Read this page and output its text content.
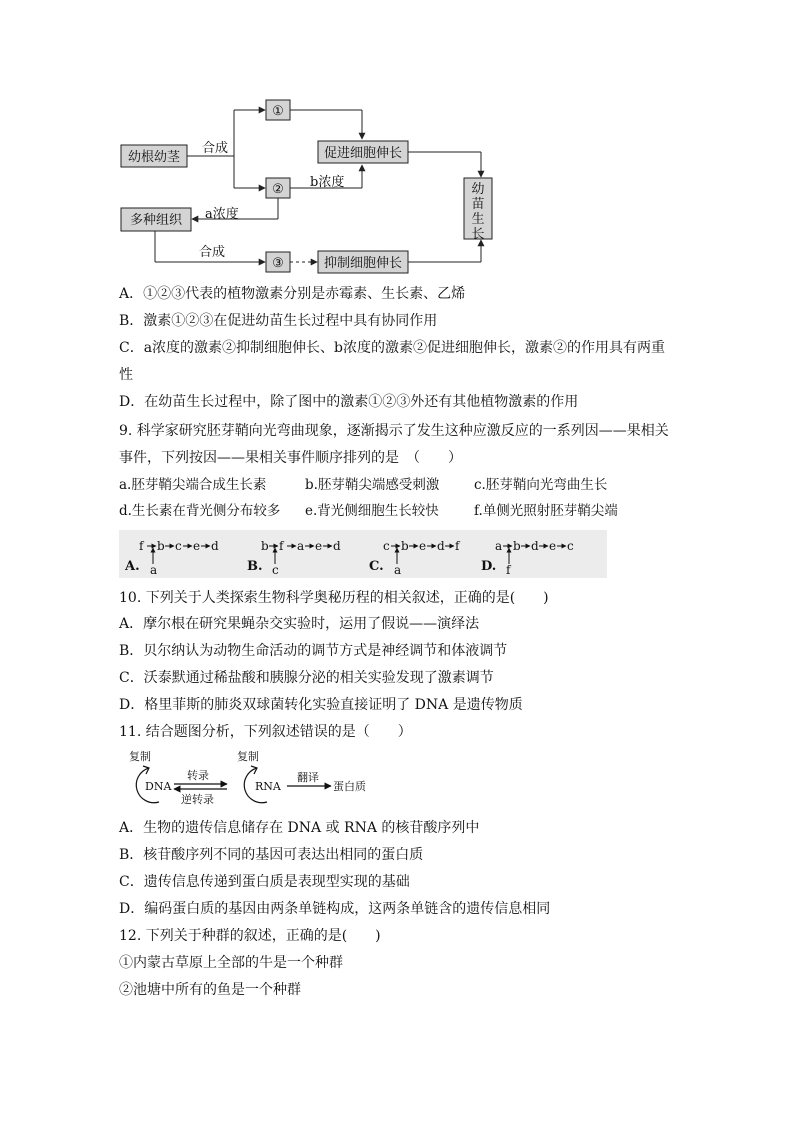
①
②
③
幼根幼茎
多种组织
促进细胞伸长
抑制细胞伸长
合成
合成
b浓度
a浓度
幼
苗
生
长
A．①②③代表的植物激素分别是赤霉素、生长素、乙烯
B．激素①②③在促进幼苗生长过程中具有协同作用
C．a浓度的激素②抑制细胞伸长、b浓度的激素②促进细胞伸长，激素②的作用具有两重
性
D．在幼苗生长过程中，除了图中的激素①②③外还有其他植物激素的作用
9. 科学家研究胚芽鞘向光弯曲现象，逐渐揭示了发生这种应激反应的一系列因——果相关
事件，下列按因——果相关事件顺序排列的是　（　　）
a.胚芽鞘尖端合成生长素	b.胚芽鞘尖端感受刺激	c.胚芽鞘向光弯曲生长
d.生长素在背光侧分布较多 e.背光侧细胞生长较快	f.单侧光照射胚芽鞘尖端
A.
f b c e d
a	B.
b f a e d
c	C.
c b e d f
a	D.
a b d e c
f
10. 下列关于人类探索生物科学奥秘历程的相关叙述，正确的是(　　)
A．摩尔根在研究果蝇杂交实验时，运用了假说——演绎法
B．贝尔纳认为动物生命活动的调节方式是神经调节和体液调节
C．沃泰默通过稀盐酸和胰腺分泌的相关实验发现了激素调节
D．格里菲斯的肺炎双球菌转化实验直接证明了 DNA 是遗传物质
11. 结合题图分析，下列叙述错误的是（　　）
复制
DNA
转录
逆转录
复制
RNA
翻译
蛋白质
A．生物的遗传信息储存在 DNA 或 RNA 的核苷酸序列中
B．核苷酸序列不同的基因可表达出相同的蛋白质
C．遗传信息传递到蛋白质是表现型实现的基础
D．编码蛋白质的基因由两条单链构成，这两条单链含的遗传信息相同
12. 下列关于种群的叙述，正确的是(　　)
①内蒙古草原上全部的牛是一个种群
②池塘中所有的鱼是一个种群
